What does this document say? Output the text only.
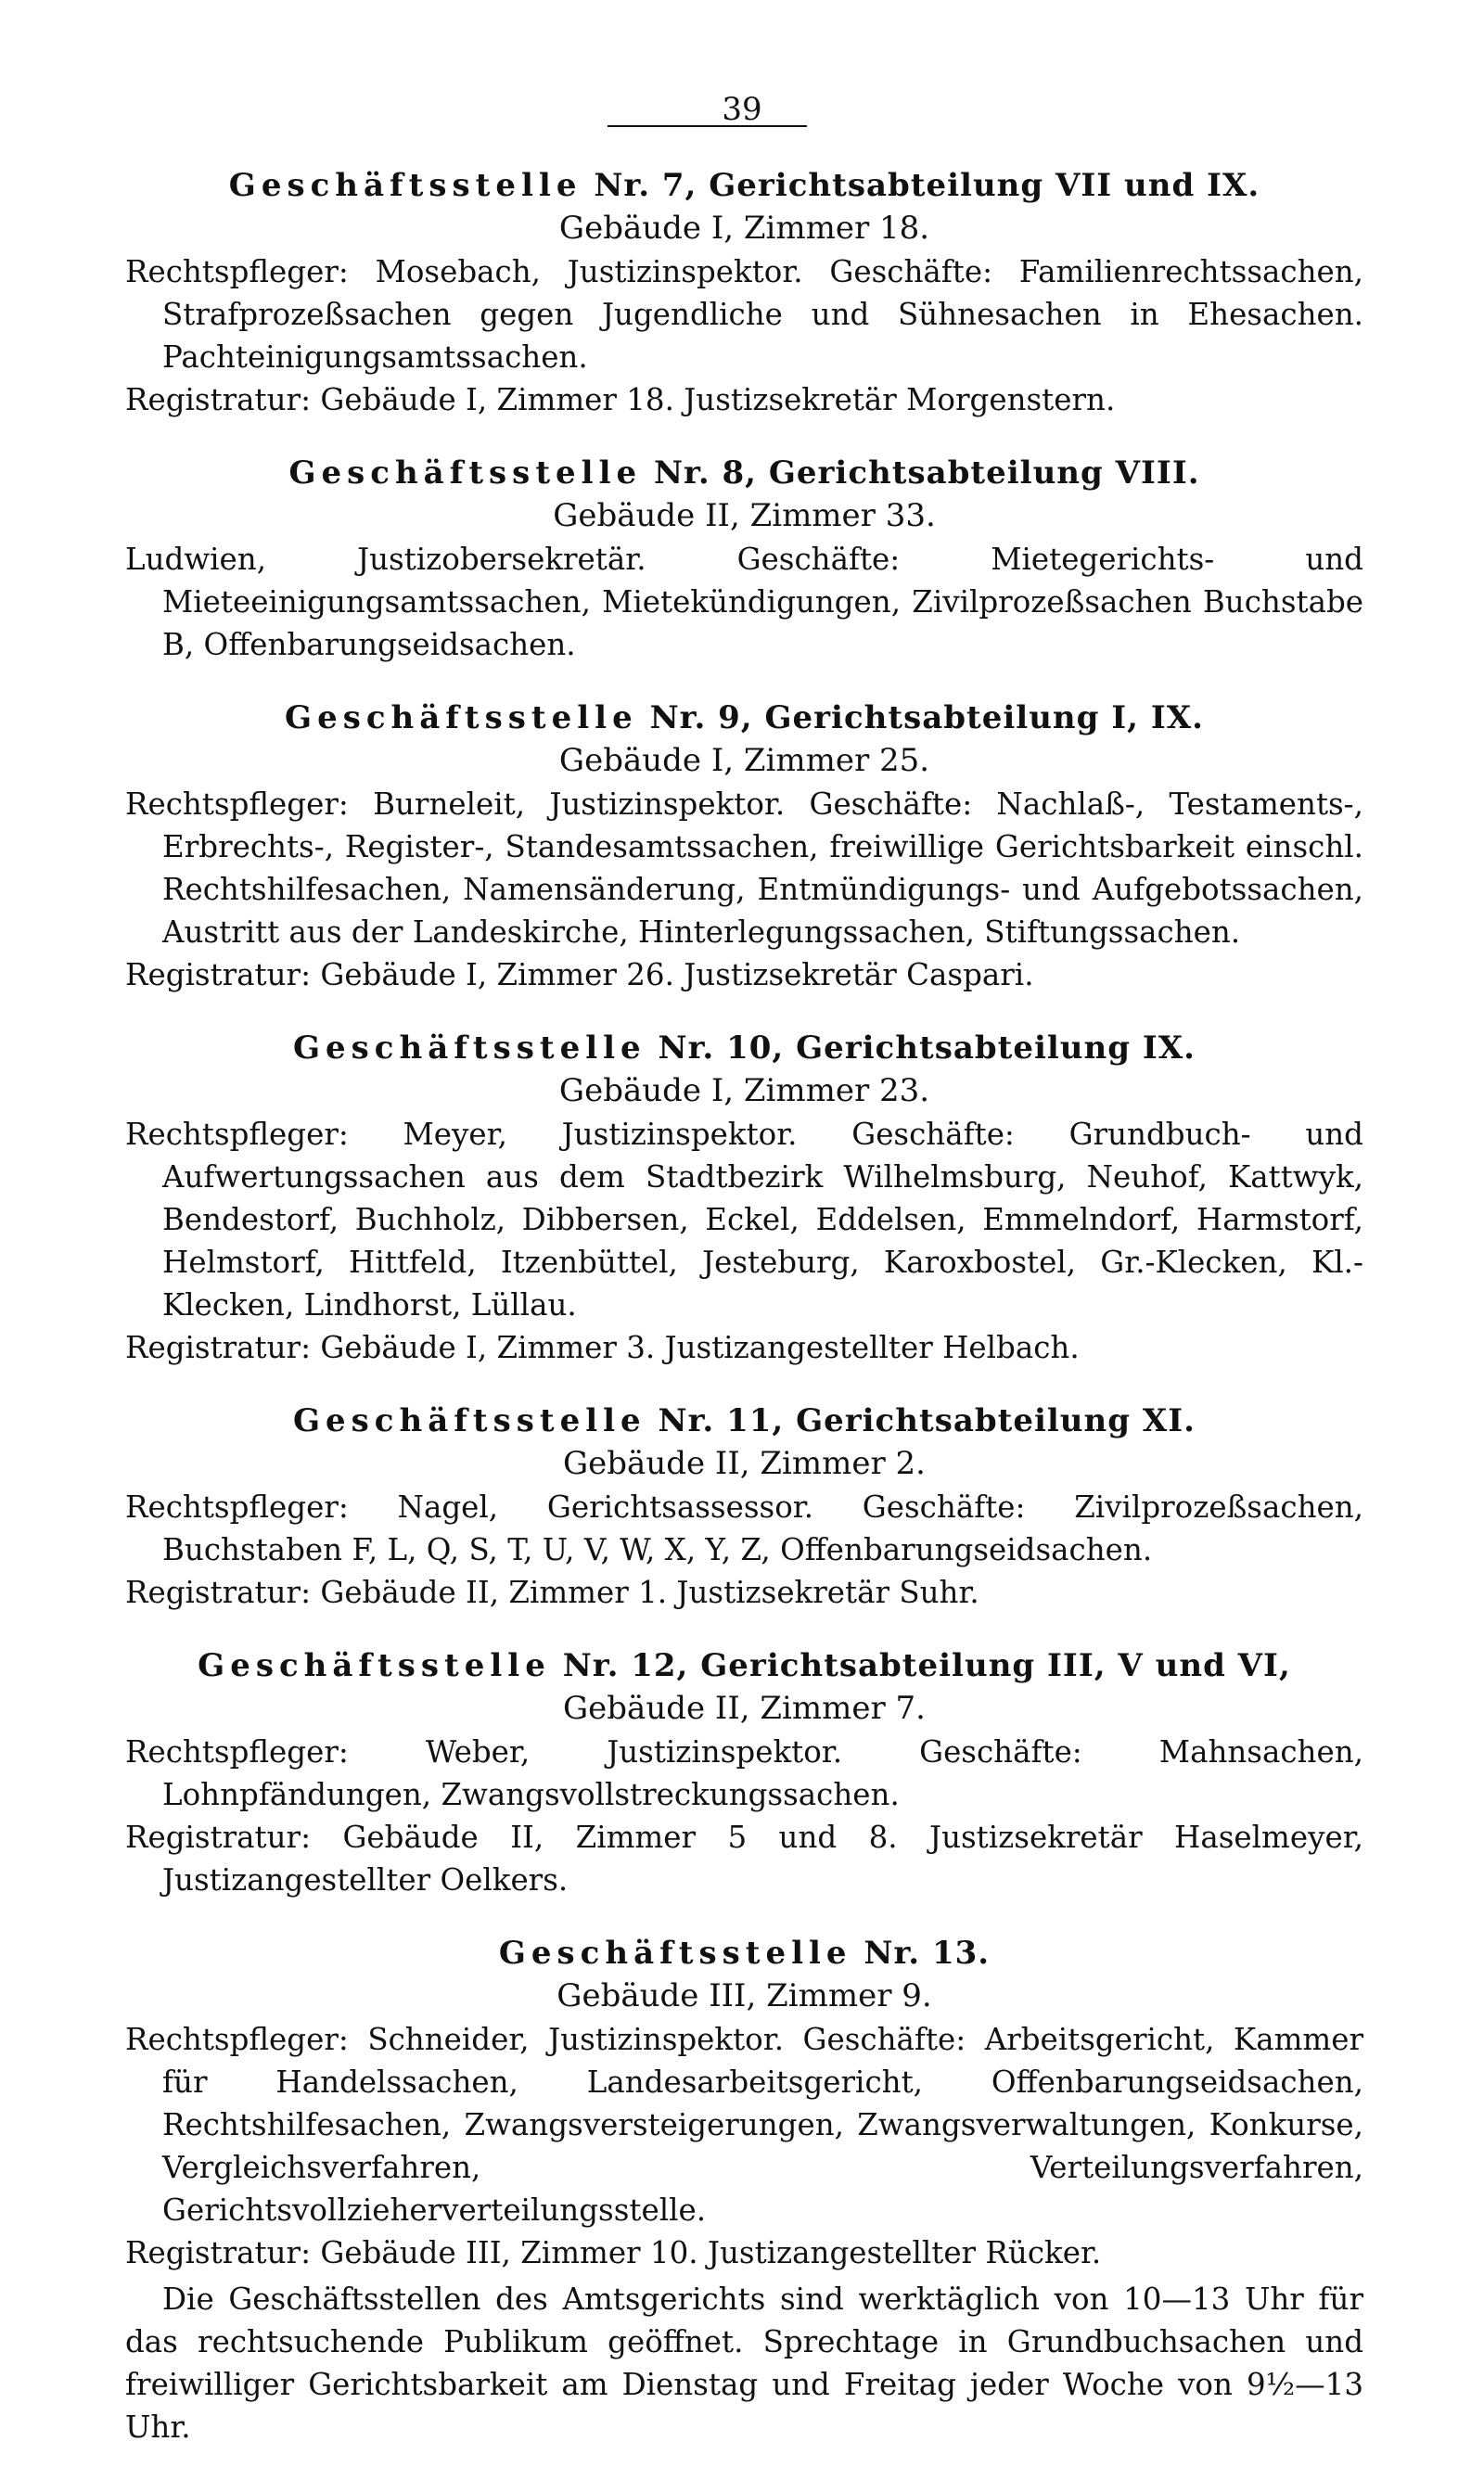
39
Geschäftsstelle Nr. 7, Gerichtsabteilung VII und IX.
Gebäude I, Zimmer 18.
Rechtspfleger: Mosebach, Justizinspektor. Geschäfte: Familienrechtssachen, Strafprozeßsachen gegen Jugendliche und Sühnesachen in Ehesachen. Pachteinigungsamtssachen.
Registratur: Gebäude I, Zimmer 18. Justizsekretär Morgenstern.
Geschäftsstelle Nr. 8, Gerichtsabteilung VIII.
Gebäude II, Zimmer 33.
Ludwien, Justizobersekretär. Geschäfte: Mietegerichts- und Mieteeinigungsamtssachen, Mietekündigungen, Zivilprozeßsachen Buchstabe B, Offenbarungseidsachen.
Geschäftsstelle Nr. 9, Gerichtsabteilung I, IX.
Gebäude I, Zimmer 25.
Rechtspfleger: Burneleit, Justizinspektor. Geschäfte: Nachlaß-, Testaments-, Erbrechts-, Register-, Standesamtssachen, freiwillige Gerichtsbarkeit einschl. Rechtshilfesachen, Namensänderung, Entmündigungs- und Aufgebotssachen, Austritt aus der Landeskirche, Hinterlegungssachen, Stiftungssachen.
Registratur: Gebäude I, Zimmer 26. Justizsekretär Caspari.
Geschäftsstelle Nr. 10, Gerichtsabteilung IX.
Gebäude I, Zimmer 23.
Rechtspfleger: Meyer, Justizinspektor. Geschäfte: Grundbuch- und Aufwertungssachen aus dem Stadtbezirk Wilhelmsburg, Neuhof, Kattwyk, Bendestorf, Buchholz, Dibbersen, Eckel, Eddelsen, Emmelndorf, Harmstorf, Helmstorf, Hittfeld, Itzenbüttel, Jesteburg, Karoxbostel, Gr.-Klecken, Kl.-Klecken, Lindhorst, Lüllau.
Registratur: Gebäude I, Zimmer 3. Justizangestellter Helbach.
Geschäftsstelle Nr. 11, Gerichtsabteilung XI.
Gebäude II, Zimmer 2.
Rechtspfleger: Nagel, Gerichtsassessor. Geschäfte: Zivilprozeßsachen, Buchstaben F, L, Q, S, T, U, V, W, X, Y, Z, Offenbarungseidsachen.
Registratur: Gebäude II, Zimmer 1. Justizsekretär Suhr.
Geschäftsstelle Nr. 12, Gerichtsabteilung III, V und VI,
Gebäude II, Zimmer 7.
Rechtspfleger: Weber, Justizinspektor. Geschäfte: Mahnsachen, Lohnpfändungen, Zwangsvollstreckungssachen.
Registratur: Gebäude II, Zimmer 5 und 8. Justizsekretär Haselmeyer, Justizangestellter Oelkers.
Geschäftsstelle Nr. 13.
Gebäude III, Zimmer 9.
Rechtspfleger: Schneider, Justizinspektor. Geschäfte: Arbeitsgericht, Kammer für Handelssachen, Landesarbeitsgericht, Offenbarungseidsachen, Rechtshilfesachen, Zwangsversteigerungen, Zwangsverwaltungen, Konkurse, Vergleichsverfahren, Verteilungsverfahren, Gerichtsvollzieherverteilungsstelle.
Registratur: Gebäude III, Zimmer 10. Justizangestellter Rücker.
Die Geschäftsstellen des Amtsgerichts sind werktäglich von 10—13 Uhr für das rechtsuchende Publikum geöffnet. Sprechtage in Grundbuchsachen und freiwilliger Gerichtsbarkeit am Dienstag und Freitag jeder Woche von 9½—13 Uhr.
